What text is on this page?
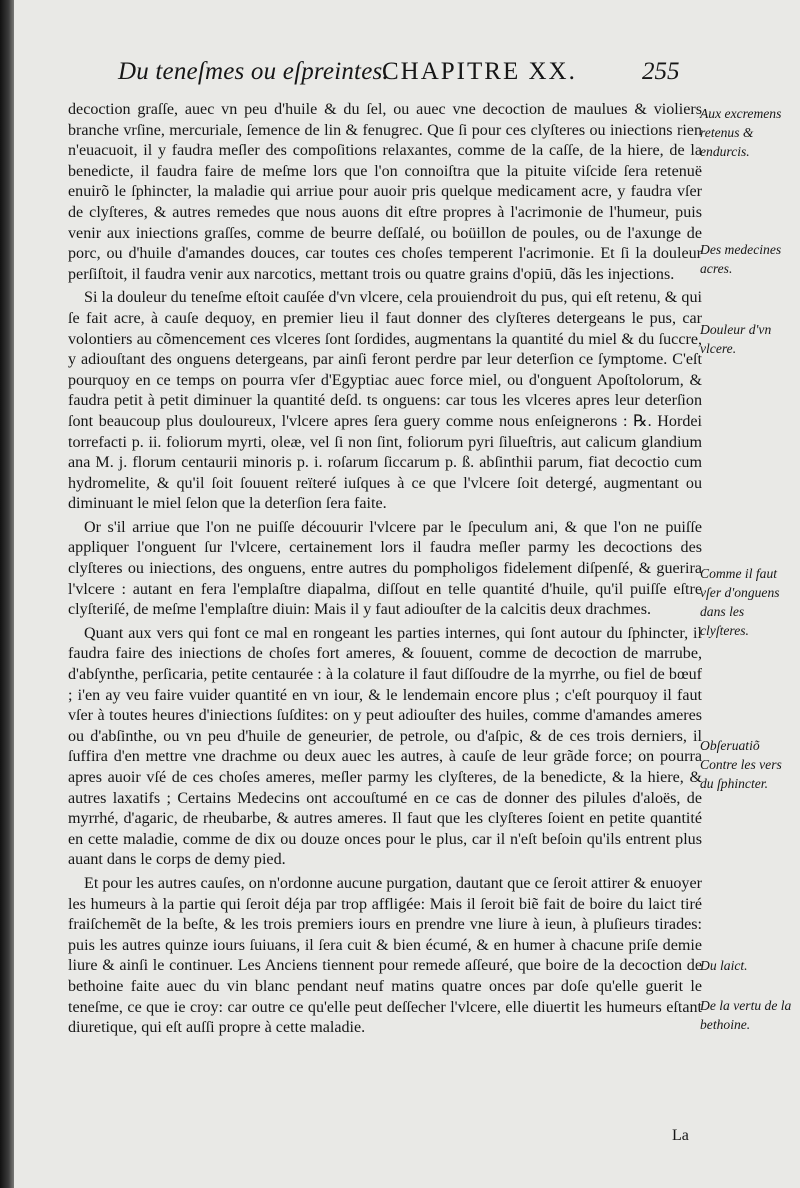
Du teneſmes ou eſpreintes.
CHAPITRE XX.	255

decoction graſſe, auec vn peu d'huile & du ſel, ou auec vne decoction de maulues & violiers branche vrſine, mercuriale, ſemence de lin & fenugrec. Que ſi pour ces clyſteres ou iniections rien n'euacuoit, il y faudra meſler des compoſitions relaxantes, comme de la caſſe, de la hiere, de la benedicte, il faudra faire de meſme lors que l'on connoiſtra que la pituite viſcide ſera retenuë enuirõ le ſphincter, la maladie qui arriue pour auoir pris quelque medicament acre, y faudra vſer de clyſteres, & autres remedes que nous auons dit eſtre propres à l'acrimonie de l'humeur, puis venir aux iniections graſſes, comme de beurre deſſalé, ou boüillon de poules, ou de l'axunge de porc, ou d'huile d'amandes douces, car toutes ces choſes temperent l'acrimonie. Et ſi la douleur perſiſtoit, il faudra venir aux narcotics, mettant trois ou quatre grains d'opiū, dãs les injections.

Si la douleur du teneſme eſtoit cauſée d'vn vlcere, cela prouiendroit du pus, qui eſt retenu, & qui ſe fait acre, à cauſe dequoy, en premier lieu il faut donner des clyſteres detergeans le pus, car volontiers au cõmencement ces vlceres ſont ſordides, augmentans la quantité du miel & du ſuccre, y adiouſtant des onguens detergeans, par ainſi feront perdre par leur deterſion ce ſymptome. C'eſt pourquoy en ce temps on pourra vſer d'Egyptiac auec force miel, ou d'onguent Apoſtolorum, & faudra petit à petit diminuer la quantité deſd. ts onguens: car tous les vlceres apres leur deterſion ſont beaucoup plus douloureux, l'vlcere apres ſera guery comme nous enſeignerons : ℞. Hordei torrefacti p. ii. foliorum myrti, oleæ, vel ſi non ſint, foliorum pyri ſilueſtris, aut calicum glandium ana M. j. florum centaurii minoris p. i. roſarum ſiccarum p. ß. abſinthii parum, fiat decoctio cum hydromelite, & qu'il ſoit ſouuent reïteré iuſques à ce que l'vlcere ſoit detergé, augmentant ou diminuant le miel ſelon que la deterſion ſera faite.

Or s'il arriue que l'on ne puiſſe découurir l'vlcere par le ſpeculum ani, & que l'on ne puiſſe appliquer l'onguent ſur l'vlcere, certainement lors il faudra meſler parmy les decoctions des clyſteres ou iniections, des onguens, entre autres du pompholigos fidelement diſpenſé, & guerira l'vlcere : autant en fera l'emplaſtre diapalma, diſſout en telle quantité d'huile, qu'il puiſſe eſtre clyſteriſé, de meſme l'emplaſtre diuin: Mais il y faut adiouſter de la calcitis deux drachmes.

Quant aux vers qui font ce mal en rongeant les parties internes, qui ſont autour du ſphincter, il faudra faire des iniections de choſes fort ameres, & ſouuent, comme de decoction de marrube, d'abſynthe, perſicaria, petite centaurée : à la colature il faut diſſoudre de la myrrhe, ou fiel de bœuf ; i'en ay veu faire vuider quantité en vn iour, & le lendemain encore plus ; c'eſt pourquoy il faut vſer à toutes heures d'iniections ſuſdites: on y peut adiouſter des huiles, comme d'amandes ameres ou d'abſinthe, ou vn peu d'huile de geneurier, de petrole, ou d'aſpic, & de ces trois derniers, il ſuffira d'en mettre vne drachme ou deux auec les autres, à cauſe de leur grãde force; on pourra apres auoir vſé de ces choſes ameres, meſler parmy les clyſteres, de la benedicte, & la hiere, & autres laxatifs ; Certains Medecins ont accouſtumé en ce cas de donner des pilules d'aloës, de myrrhé, d'agaric, de rheubarbe, & autres ameres. Il faut que les clyſteres ſoient en petite quantité en cette maladie, comme de dix ou douze onces pour le plus, car il n'eſt beſoin qu'ils entrent plus auant dans le corps de demy pied.

Et pour les autres cauſes, on n'ordonne aucune purgation, dautant que ce ſeroit attirer & enuoyer les humeurs à la partie qui ſeroit déja par trop affligée: Mais il ſeroit biẽ fait de boire du laict tiré fraiſchemẽt de la beſte, & les trois premiers iours en prendre vne liure à ieun, à pluſieurs tirades: puis les autres quinze iours ſuiuans, il ſera cuit & bien écumé, & en humer à chacune priſe demie liure & ainſi le continuer. Les Anciens tiennent pour remede aſſeuré, que boire de la decoction de bethoine faite auec du vin blanc pendant neuf matins quatre onces par doſe qu'elle guerit le teneſme, ce que ie croy: car outre ce qu'elle peut deſſecher l'vlcere, elle diuertit les humeurs eſtant diuretique, qui eſt auſſi propre à cette maladie.

La
Aux excremens retenus & endurcis.
Des medecines acres.
Douleur d'vn vlcere.
Comme il faut vſer d'onguens dans les clyſteres.
Obſeruatiõ Contre les vers du ſphincter.
Du laict.
De la vertu de la bethoine.
